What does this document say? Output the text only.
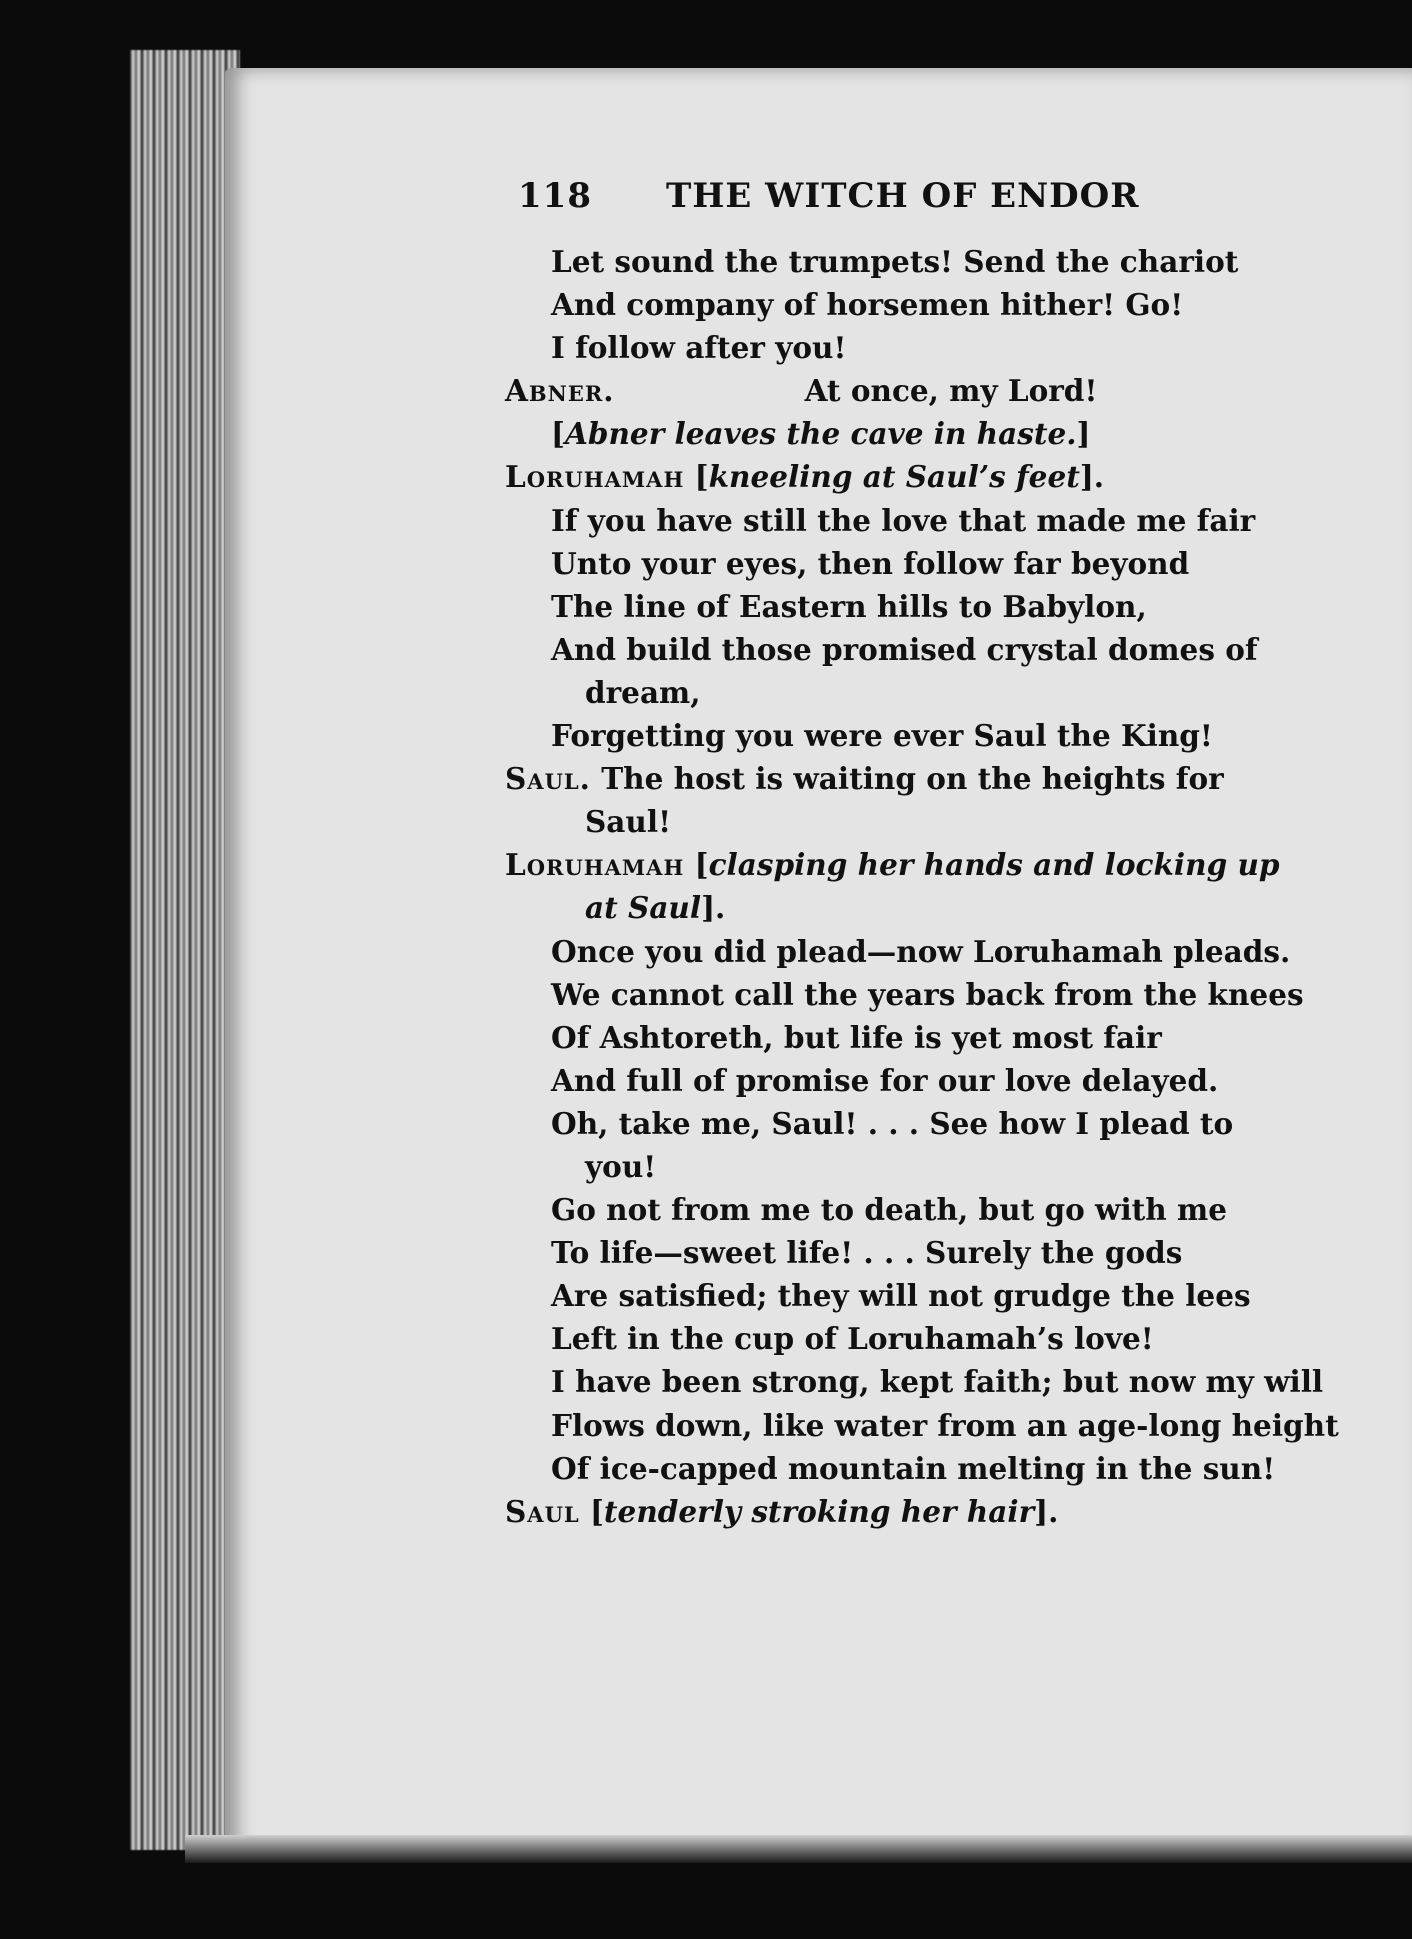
118 THE WITCH OF ENDOR
Let sound the trumpets! Send the chariot
And company of horsemen hither! Go!
I follow after you!
Abner.	At once, my Lord!
[Abner leaves the cave in haste.]
Loruhamah [kneeling at Saul’s feet].
If you have still the love that made me fair
Unto your eyes, then follow far beyond
The line of Eastern hills to Babylon,
And build those promised crystal domes of
dream,
Forgetting you were ever Saul the King!
Saul. The host is waiting on the heights for
Saul!
Loruhamah [clasping her hands and locking up
at Saul].
Once you did plead—now Loruhamah pleads.
We cannot call the years back from the knees
Of Ashtoreth, but life is yet most fair
And full of promise for our love delayed.
Oh, take me, Saul! . . . See how I plead to
you!
Go not from me to death, but go with me
To life—sweet life! . . . Surely the gods
Are satisfied; they will not grudge the lees
Left in the cup of Loruhamah’s love!
I have been strong, kept faith; but now my will
Flows down, like water from an age-long height
Of ice-capped mountain melting in the sun!
Saul [tenderly stroking her hair].
